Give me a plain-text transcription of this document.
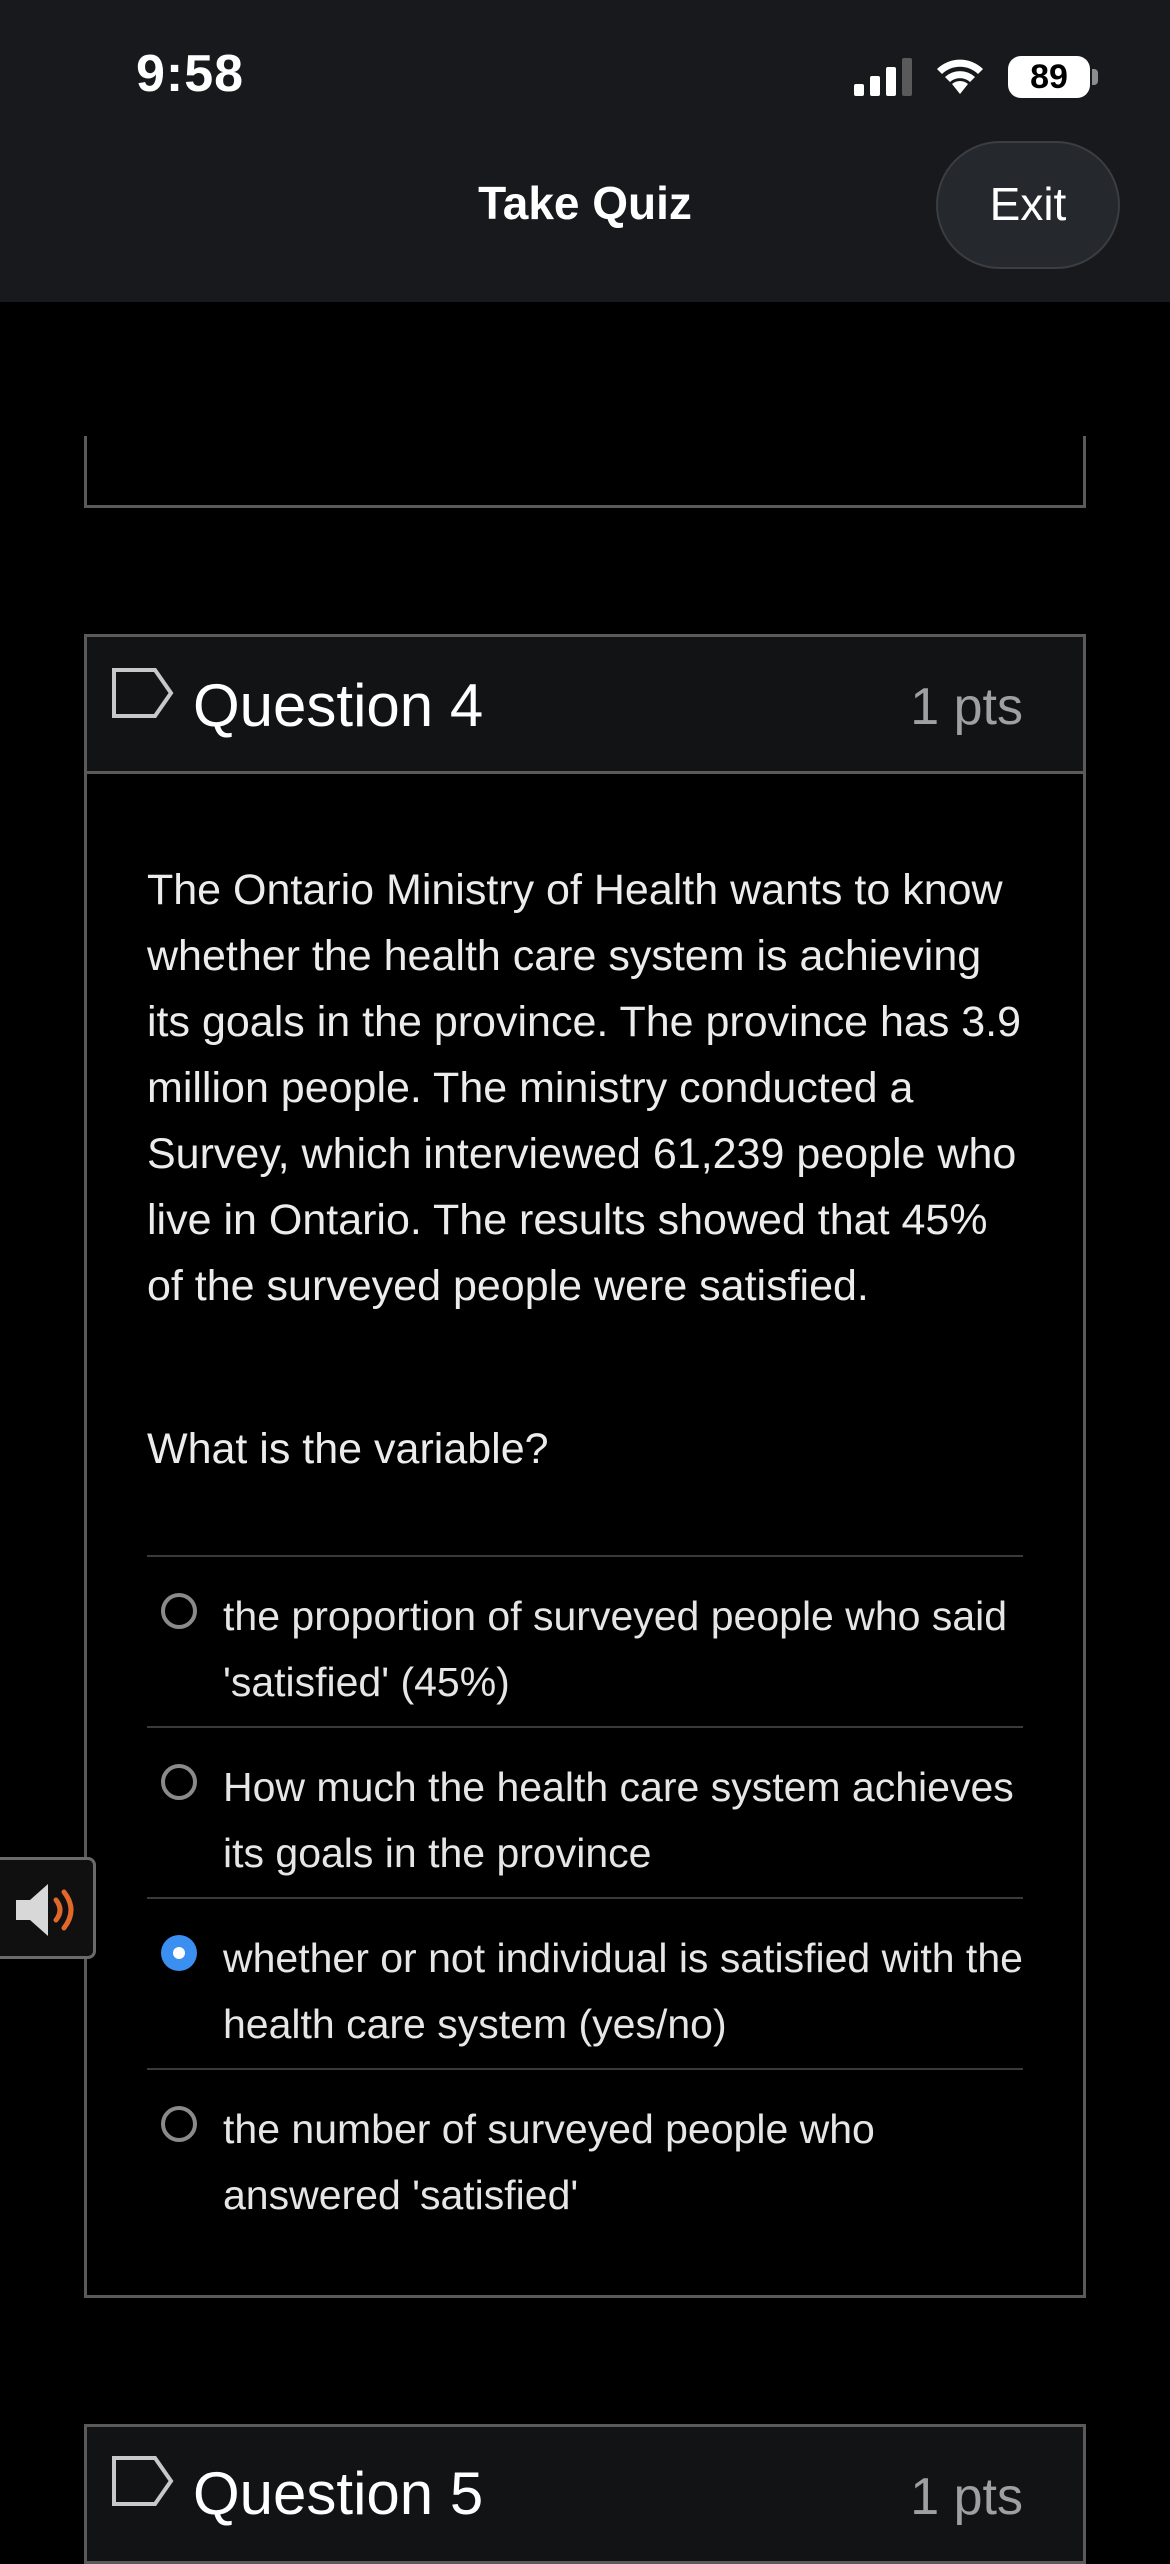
9:58	89
Take Quiz	Exit
Question 4	1 pts
The Ontario Ministry of Health wants to know whether the health care system is achieving its goals in the province. The province has 3.9 million people. The ministry conducted a Survey, which interviewed 61,239 people who live in Ontario. The results showed that 45% of the surveyed people were satisfied.
What is the variable?
the proportion of surveyed people who said 'satisfied' (45%)
How much the health care system achieves its goals in the province
whether or not individual is satisfied with the health care system (yes/no)
the number of surveyed people who answered 'satisfied'
Question 5	1 pts
